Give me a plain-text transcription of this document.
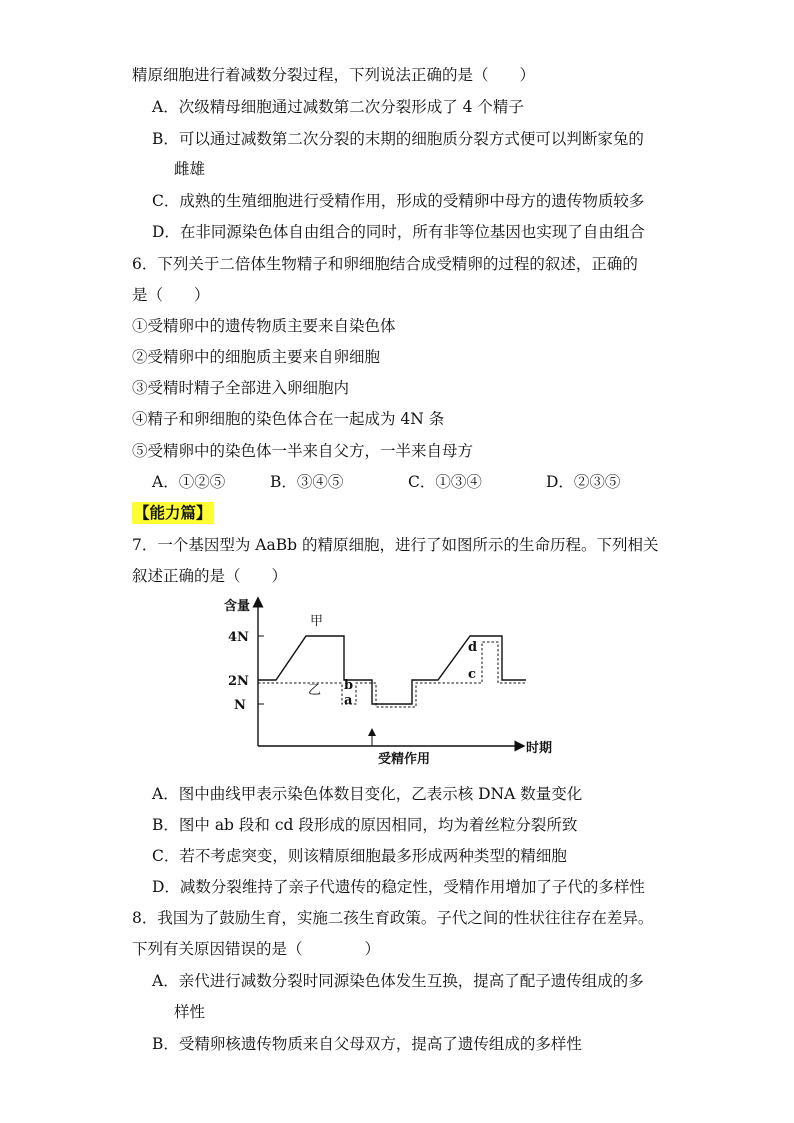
精原细胞进行着减数分裂过程，下列说法正确的是（　　）
A．次级精母细胞通过减数第二次分裂形成了 4 个精子
B．可以通过减数第二次分裂的末期的细胞质分裂方式便可以判断家兔的
雌雄
C．成熟的生殖细胞进行受精作用，形成的受精卵中母方的遗传物质较多
D．在非同源染色体自由组合的同时，所有非等位基因也实现了自由组合
6．下列关于二倍体生物精子和卵细胞结合成受精卵的过程的叙述，正确的
是（　　）
①受精卵中的遗传物质主要来自染色体
②受精卵中的细胞质主要来自卵细胞
③受精时精子全部进入卵细胞内
④精子和卵细胞的染色体合在一起成为 4N 条
⑤受精卵中的染色体一半来自父方，一半来自母方
A．①②⑤	B．③④⑤	C．①③④	D．②③⑤
【能力篇】
7．一个基因型为 AaBb 的精原细胞，进行了如图所示的生命历程。下列相关
叙述正确的是（　　）
含量
4N
2N
N
甲
乙 b
a
d
c
受精作用
时期
A．图中曲线甲表示染色体数目变化，乙表示核 DNA 数量变化
B．图中 ab 段和 cd 段形成的原因相同，均为着丝粒分裂所致
C．若不考虑突变，则该精原细胞最多形成两种类型的精细胞
D．减数分裂维持了亲子代遗传的稳定性，受精作用增加了子代的多样性
8．我国为了鼓励生育，实施二孩生育政策。子代之间的性状往往存在差异。
下列有关原因错误的是（　　　　）
A．亲代进行减数分裂时同源染色体发生互换，提高了配子遗传组成的多
样性
B．受精卵核遗传物质来自父母双方，提高了遗传组成的多样性
